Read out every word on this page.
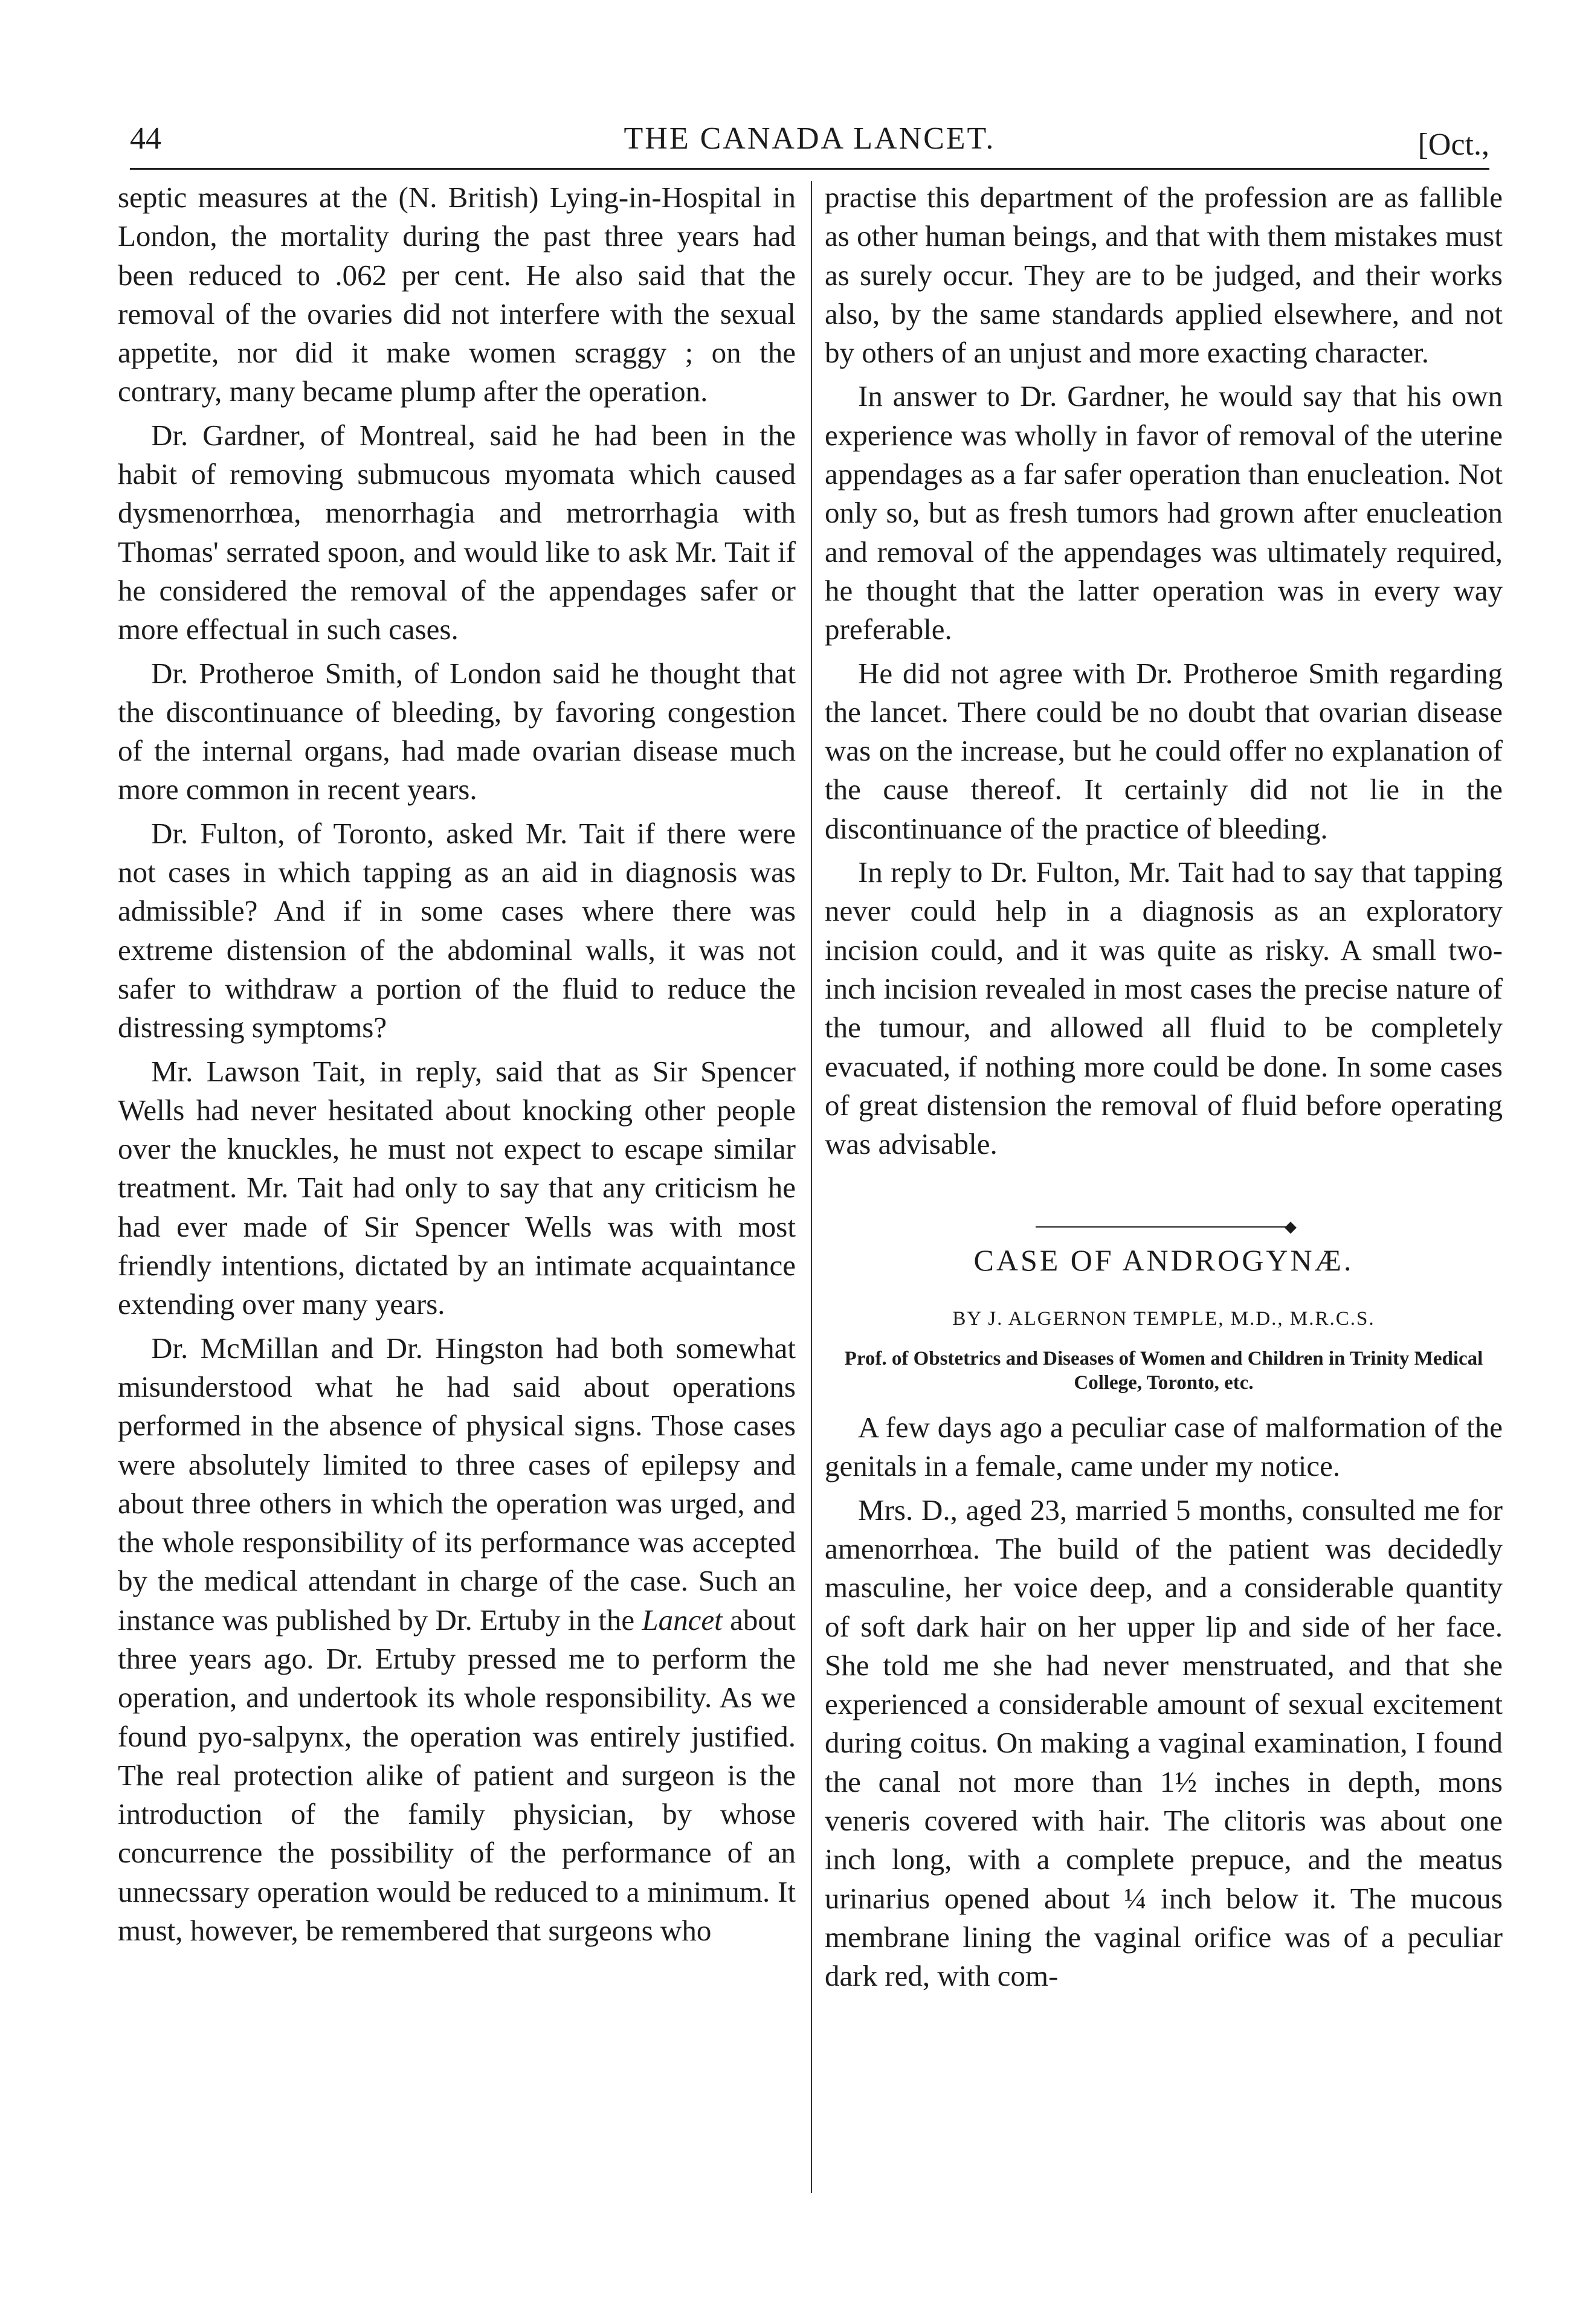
44	THE CANADA LANCET.	[Oct.,

septic measures at the (N. British) Lying-in-Hospital in London, the mortality during the past three years had been reduced to .062 per cent. He also said that the removal of the ovaries did not interfere with the sexual appetite, nor did it make women scraggy ; on the contrary, many became plump after the operation.

Dr. Gardner, of Montreal, said he had been in the habit of removing submucous myomata which caused dysmenorrhœa, menorrhagia and metrorrhagia with Thomas' serrated spoon, and would like to ask Mr. Tait if he considered the removal of the appendages safer or more effectual in such cases.

Dr. Protheroe Smith, of London said he thought that the discontinuance of bleeding, by favoring congestion of the internal organs, had made ovarian disease much more common in recent years.

Dr. Fulton, of Toronto, asked Mr. Tait if there were not cases in which tapping as an aid in diagnosis was admissible? And if in some cases where there was extreme distension of the abdominal walls, it was not safer to withdraw a portion of the fluid to reduce the distressing symptoms?

Mr. Lawson Tait, in reply, said that as Sir Spencer Wells had never hesitated about knocking other people over the knuckles, he must not expect to escape similar treatment. Mr. Tait had only to say that any criticism he had ever made of Sir Spencer Wells was with most friendly intentions, dictated by an intimate acquaintance extending over many years.

Dr. McMillan and Dr. Hingston had both somewhat misunderstood what he had said about operations performed in the absence of physical signs. Those cases were absolutely limited to three cases of epilepsy and about three others in which the operation was urged, and the whole responsibility of its performance was accepted by the medical attendant in charge of the case. Such an instance was published by Dr. Ertuby in the Lancet about three years ago. Dr. Ertuby pressed me to perform the operation, and undertook its whole responsibility. As we found pyo-salpynx, the operation was entirely justified. The real protection alike of patient and surgeon is the introduction of the family physician, by whose concurrence the possibility of the performance of an unnecssary operation would be reduced to a minimum. It must, however, be remembered that surgeons who

practise this department of the profession are as fallible as other human beings, and that with them mistakes must as surely occur. They are to be judged, and their works also, by the same standards applied elsewhere, and not by others of an unjust and more exacting character.

In answer to Dr. Gardner, he would say that his own experience was wholly in favor of removal of the uterine appendages as a far safer operation than enucleation. Not only so, but as fresh tumors had grown after enucleation and removal of the appendages was ultimately required, he thought that the latter operation was in every way preferable.

He did not agree with Dr. Protheroe Smith regarding the lancet. There could be no doubt that ovarian disease was on the increase, but he could offer no explanation of the cause thereof. It certainly did not lie in the discontinuance of the practice of bleeding.

In reply to Dr. Fulton, Mr. Tait had to say that tapping never could help in a diagnosis as an exploratory incision could, and it was quite as risky. A small two-inch incision revealed in most cases the precise nature of the tumour, and allowed all fluid to be completely evacuated, if nothing more could be done. In some cases of great distension the removal of fluid before operating was advisable.

◆
CASE OF ANDROGYNÆ.
BY J. ALGERNON TEMPLE, M.D., M.R.C.S.
Prof. of Obstetrics and Diseases of Women and Children in Trinity Medical College, Toronto, etc.

A few days ago a peculiar case of malformation of the genitals in a female, came under my notice.

Mrs. D., aged 23, married 5 months, consulted me for amenorrhœa. The build of the patient was decidedly masculine, her voice deep, and a considerable quantity of soft dark hair on her upper lip and side of her face. She told me she had never menstruated, and that she experienced a considerable amount of sexual excitement during coitus. On making a vaginal examination, I found the canal not more than 1½ inches in depth, mons veneris covered with hair. The clitoris was about one inch long, with a complete prepuce, and the meatus urinarius opened about ¼ inch below it. The mucous membrane lining the vaginal orifice was of a peculiar dark red, with com-
